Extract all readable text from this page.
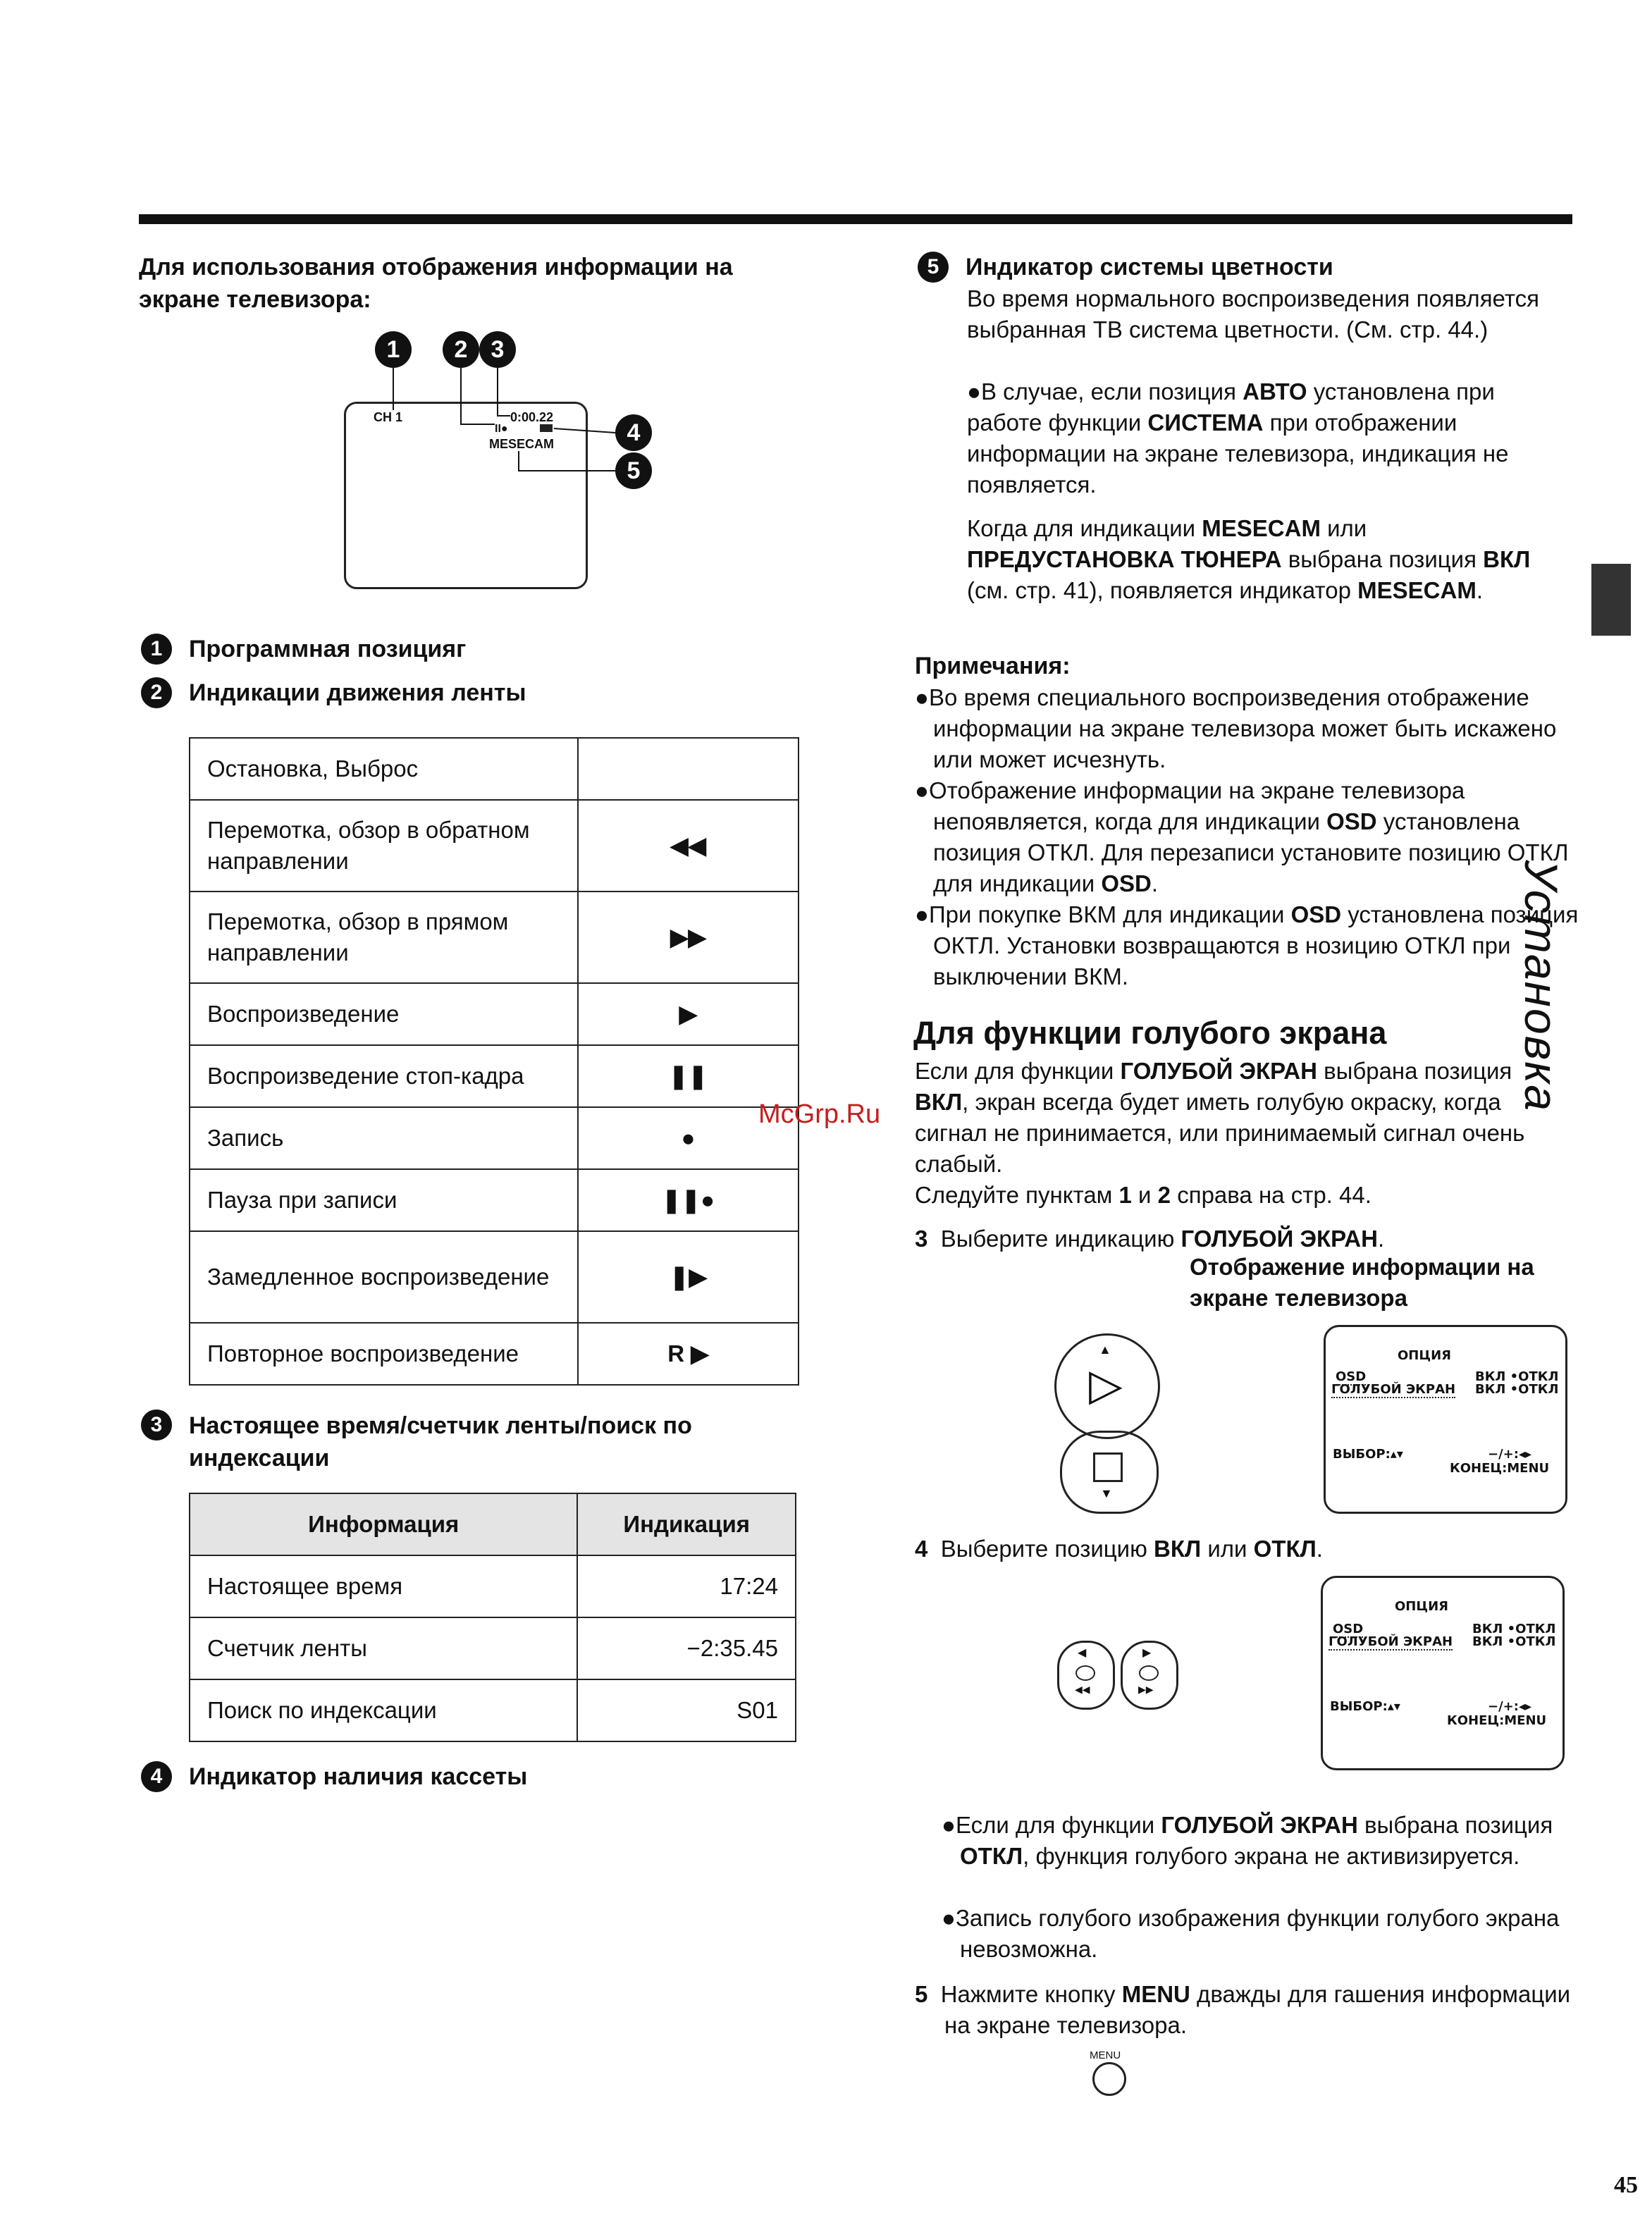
Для использования отображения информации на экране телевизора:
1	2 3
4
5
CH 1	0:00.22
II●
MESECAM
1	Программная позицияг
2	Индикации движения ленты
Остановка, Выброс	
Перемотка, обзор в обратном направлении	◀◀
Перемотка, обзор в прямом направлении	▶▶
Воспроизведение	▶
Воспроизведение стоп-кадра	❚❚
Запись	●
Пауза при записи	❚❚●
Замедленное воспроизведение	❚▶
Повторное воспроизведение	R ▶
3	Настоящее время/счетчик ленты/поиск по индексации
Информация	Индикация
Настоящее время	17:24
Счетчик ленты	−2:35.45
Поиск по индексации	S01
4	Индикатор наличия кассеты
5	Индикатор системы цветности
Во время нормального воспроизведения появляется выбранная ТВ система цветности. (См. стр. 44.)
●В случае, если позиция АВТО установлена при работе функции СИСТЕМА при отображении информации на экране телевизора, индикация не появляется.
Когда для индикации MESECAM или ПРЕДУСТАНОВКА ТЮНЕРА выбрана позиция ВКЛ (см. стр. 41), появляется индикатор MESECAM.
Примечания:
●Во время специального воспроизведения отображение информации на экране телевизора может быть искажено или может исчезнуть.
●Отображение информации на экране телевизора непоявляется, когда для индикации OSD установлена позиция ОТКЛ. Для перезаписи установите позицию ОТКЛ для индикации OSD.
●При покупке ВКМ для индикации OSD установлена позиция ОКТЛ. Установки возвращаются в нозицию ОТКЛ при выключении ВКМ.
Для функции голубого экрана
Если для функции ГОЛУБОЙ ЭКРАН выбрана позиция ВКЛ, экран всегда будет иметь голубую окраску, когда сигнал не принимается, или принимаемый сигнал очень слабый.
Следуйте пунктам 1 и 2 справа на стр. 44.
3 Выберите индикацию ГОЛУБОЙ ЭКРАН.
Отображение информации на экране телевизора
▲
▷
▼
ОПЦИЯ
OSD
ГОЛУБОЙ ЭКРАН
ВКЛ •ОТКЛ
ВКЛ •ОТКЛ
ВЫБОР:▴▾	−/+:◂▸
КОНЕЦ:MENU
4 Выберите позицию ВКЛ или ОТКЛ.
◀
◀◀
▶
▶▶
ОПЦИЯ
OSD
ГОЛУБОЙ ЭКРАН
ВКЛ •ОТКЛ
ВКЛ •ОТКЛ
ВЫБОР:▴▾	−/+:◂▸
КОНЕЦ:MENU
●Если для функции ГОЛУБОЙ ЭКРАН выбрана позиция ОТКЛ, функция голубого экрана не активизируется.
●Запись голубого изображения функции голубого экрана невозможна.
5 Нажмите кнопку MENU дважды для гашения информации на экране телевизора.
MENU
McGrp.Ru
Установка
45
